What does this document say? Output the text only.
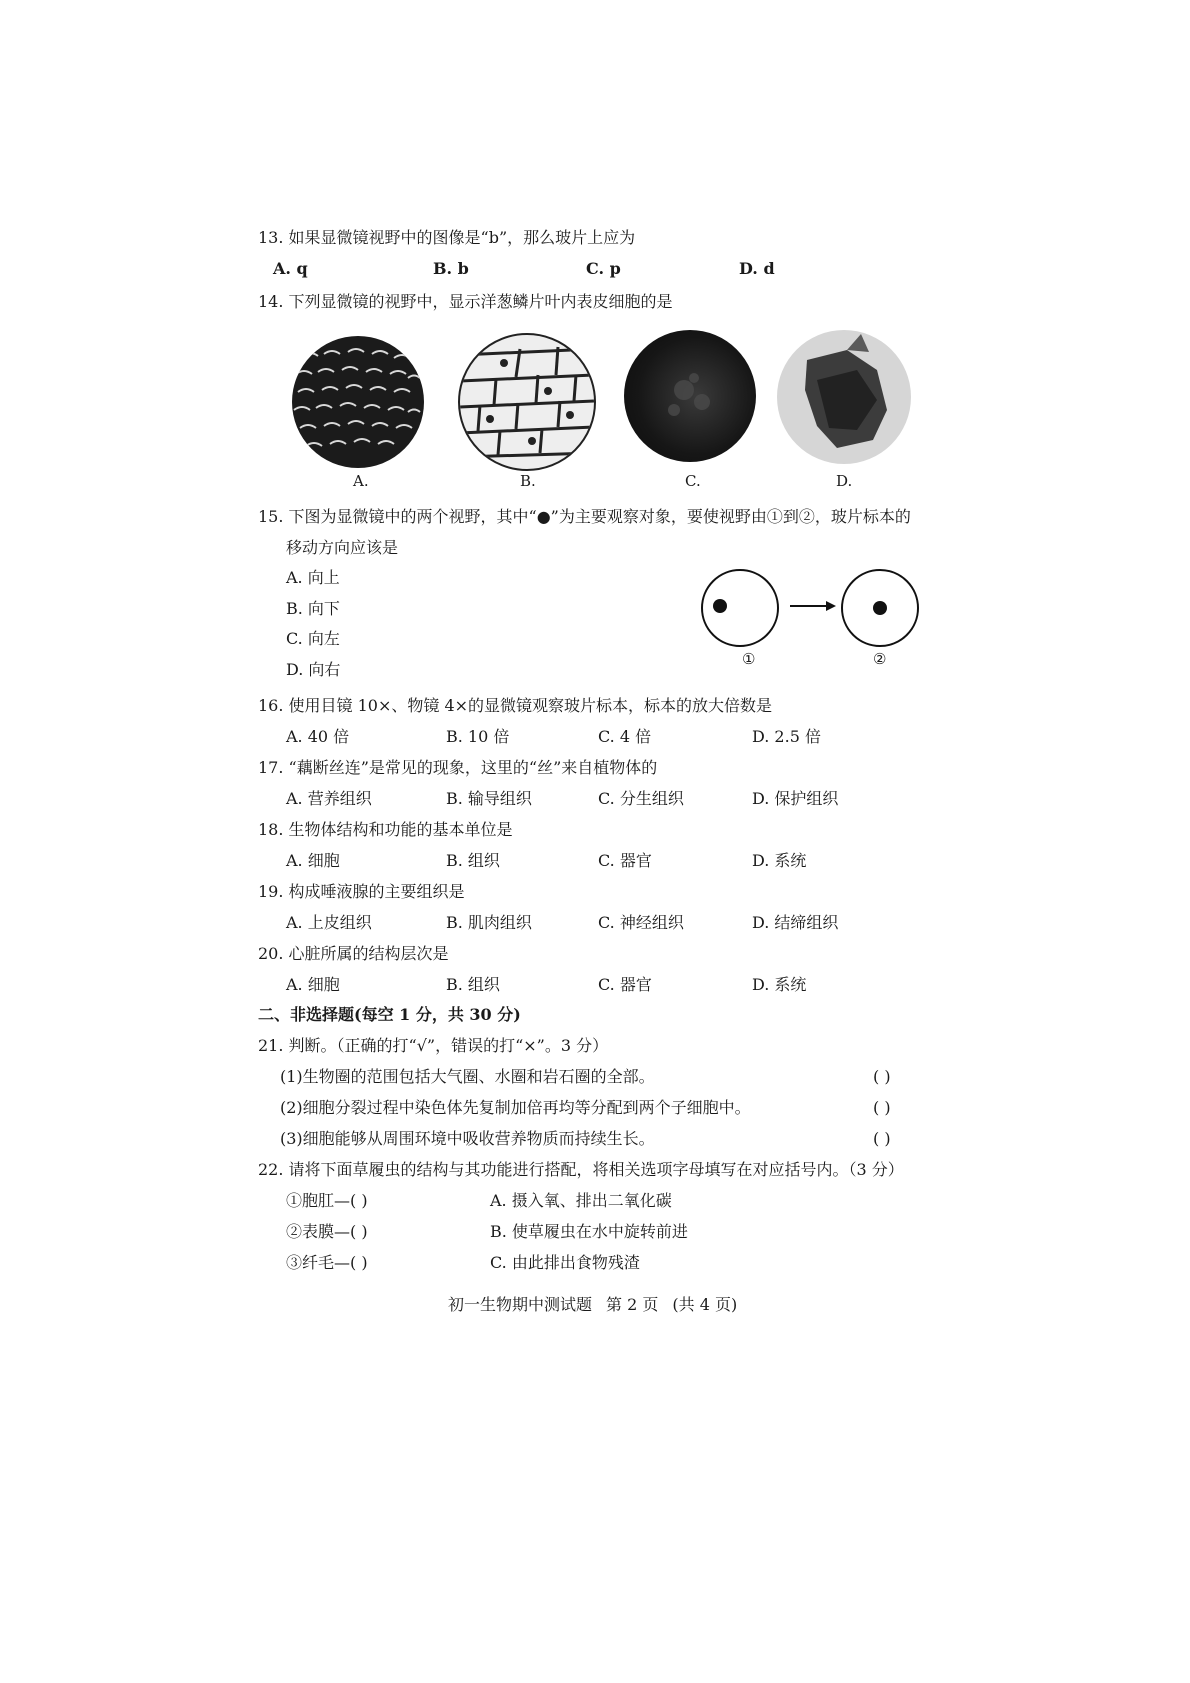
13. 如果显微镜视野中的图像是“b”，那么玻片上应为
A. q	B. b	C. p	D. d
14. 下列显微镜的视野中，显示洋葱鳞片叶内表皮细胞的是
A.	B.	C.	D.
15. 下图为显微镜中的两个视野，其中“●”为主要观察对象，要使视野由①到②，玻片标本的
移动方向应该是
A. 向上
B. 向下
C. 向左
D. 向右
①	②
16. 使用目镜 10×、物镜 4×的显微镜观察玻片标本，标本的放大倍数是
A. 40 倍	B. 10 倍	C. 4 倍	D. 2.5 倍
17. “藕断丝连”是常见的现象，这里的“丝”来自植物体的
A. 营养组织	B. 输导组织	C. 分生组织	D. 保护组织
18. 生物体结构和功能的基本单位是
A. 细胞	B. 组织	C. 器官	D. 系统
19. 构成唾液腺的主要组织是
A. 上皮组织	B. 肌肉组织	C. 神经组织	D. 结缔组织
20. 心脏所属的结构层次是
A. 细胞	B. 组织	C. 器官	D. 系统
二、非选择题(每空 1 分，共 30 分)
21. 判断。（正确的打“√”，错误的打“×”。3 分）
(1)生物圈的范围包括大气圈、水圈和岩石圈的全部。	( )
(2)细胞分裂过程中染色体先复制加倍再均等分配到两个子细胞中。	( )
(3)细胞能够从周围环境中吸收营养物质而持续生长。	( )
22. 请将下面草履虫的结构与其功能进行搭配，将相关选项字母填写在对应括号内。（3 分）
①胞肛—( )	A. 摄入氧、排出二氧化碳
②表膜—( )	B. 使草履虫在水中旋转前进
③纤毛—( )	C. 由此排出食物残渣
初一生物期中测试题 第 2 页 (共 4 页)
